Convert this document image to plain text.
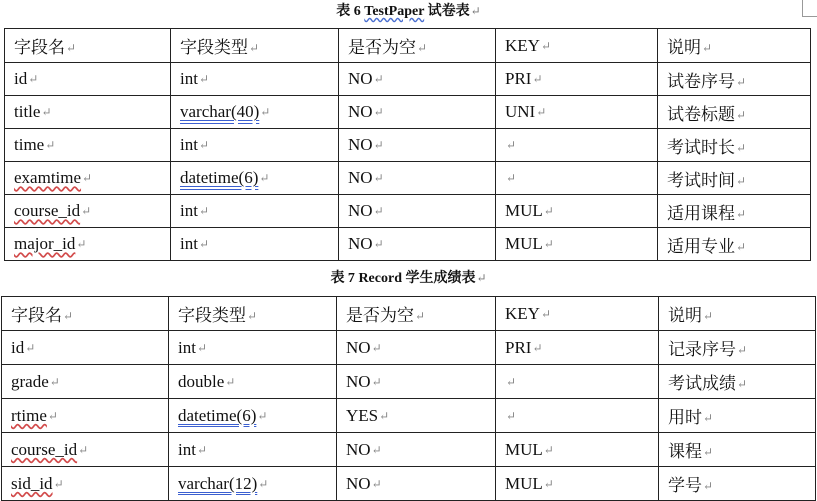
表 6 TestPaper 试卷表↵
字段名↵	字段类型↵	是否为空↵	KEY↵	说明↵
id↵	int↵	NO↵	PRI↵	试卷序号↵
title↵	varchar(40)↵	NO↵	UNI↵	试卷标题↵
time↵	int↵	NO↵	↵	考试时长↵
examtime↵	datetime(6)↵	NO↵	↵	考试时间↵
course_id↵	int↵	NO↵	MUL↵	适用课程↵
major_id↵	int↵	NO↵	MUL↵	适用专业↵
表 7 Record 学生成绩表↵
字段名↵	字段类型↵	是否为空↵	KEY↵	说明↵
id↵	int↵	NO↵	PRI↵	记录序号↵
grade↵	double↵	NO↵	↵	考试成绩↵
rtime↵	datetime(6)↵	YES↵	↵	用时↵
course_id↵	int↵	NO↵	MUL↵	课程↵
sid_id↵	varchar(12)↵	NO↵	MUL↵	学号↵
